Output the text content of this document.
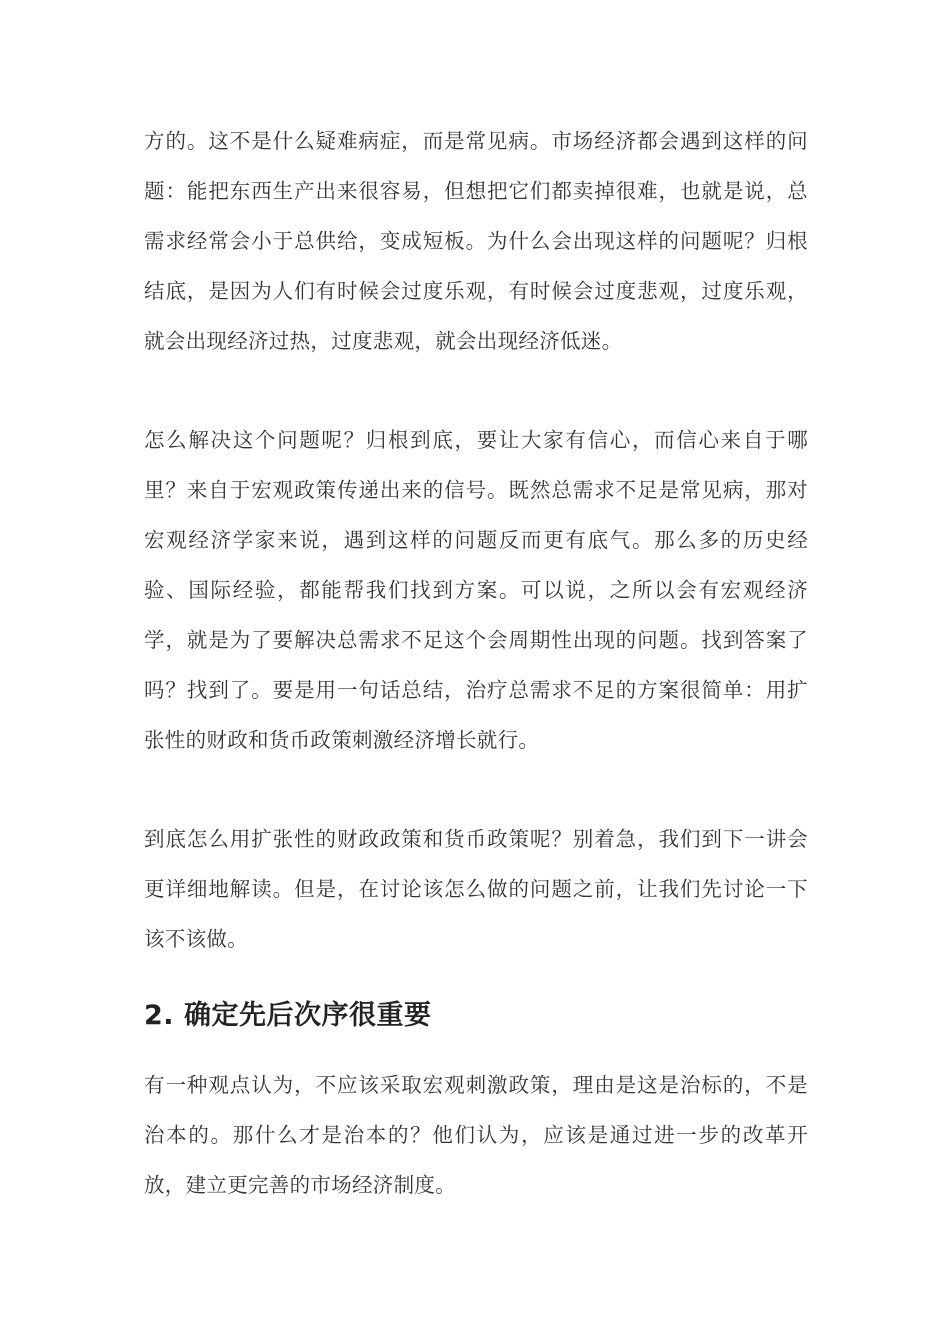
方的。这不是什么疑难病症，而是常见病。市场经济都会遇到这样的问题：能把东西生产出来很容易，但想把它们都卖掉很难，也就是说，总需求经常会小于总供给，变成短板。为什么会出现这样的问题呢？归根结底，是因为人们有时候会过度乐观，有时候会过度悲观，过度乐观，就会出现经济过热，过度悲观，就会出现经济低迷。

怎么解决这个问题呢？归根到底，要让大家有信心，而信心来自于哪里？来自于宏观政策传递出来的信号。既然总需求不足是常见病，那对宏观经济学家来说，遇到这样的问题反而更有底气。那么多的历史经验、国际经验，都能帮我们找到方案。可以说，之所以会有宏观经济学，就是为了要解决总需求不足这个会周期性出现的问题。找到答案了吗？找到了。要是用一句话总结，治疗总需求不足的方案很简单：用扩张性的财政和货币政策刺激经济增长就行。

到底怎么用扩张性的财政政策和货币政策呢？别着急，我们到下一讲会更详细地解读。但是，在讨论该怎么做的问题之前，让我们先讨论一下该不该做。

2. 确定先后次序很重要

有一种观点认为，不应该采取宏观刺激政策，理由是这是治标的，不是治本的。那什么才是治本的？他们认为，应该是通过进一步的改革开放，建立更完善的市场经济制度。
